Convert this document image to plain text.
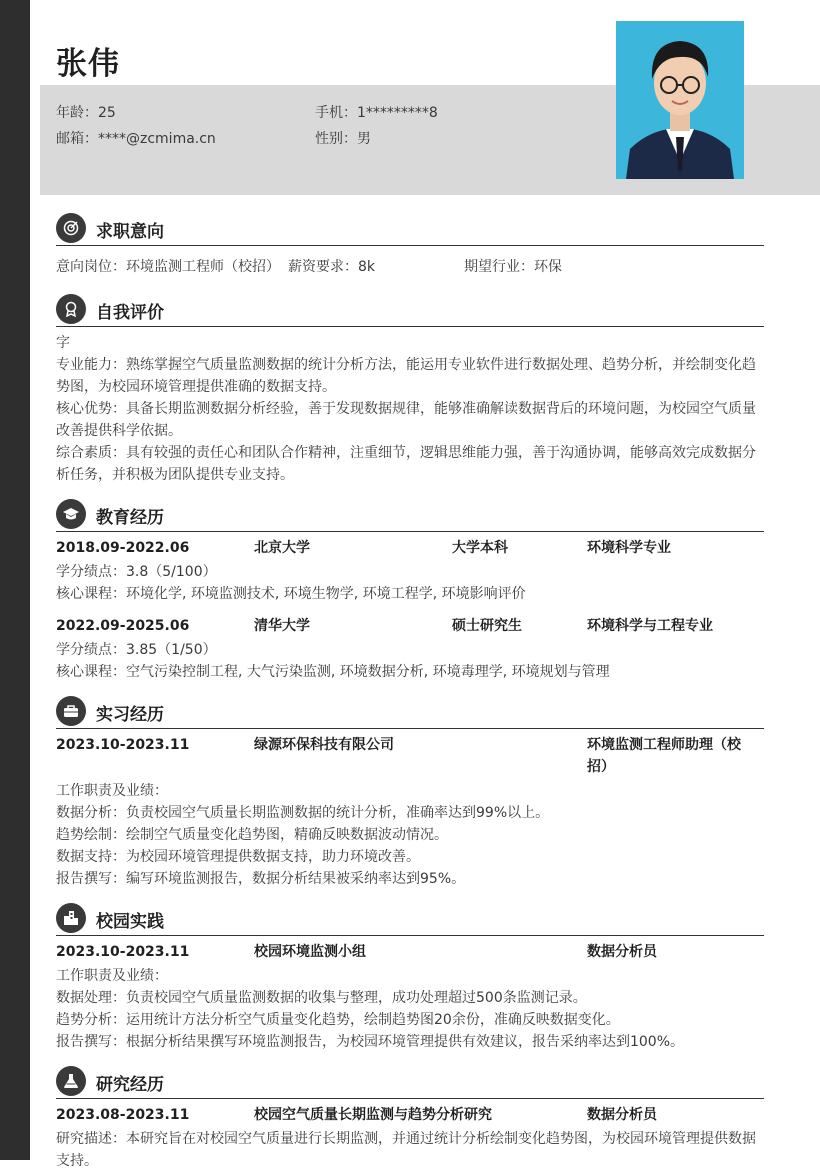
张伟
年龄：25	手机：1*********8
邮箱：****@zcmima.cn	性别：男
求职意向
意向岗位：环境监测工程师（校招） 薪资要求：8k	期望行业：环保
自我评价
字
专业能力：熟练掌握空气质量监测数据的统计分析方法，能运用专业软件进行数据处理、趋势分析，并绘制变化趋势图，为校园环境管理提供准确的数据支持。
核心优势：具备长期监测数据分析经验，善于发现数据规律，能够准确解读数据背后的环境问题，为校园空气质量改善提供科学依据。
综合素质：具有较强的责任心和团队合作精神，注重细节，逻辑思维能力强，善于沟通协调，能够高效完成数据分析任务，并积极为团队提供专业支持。
教育经历
2018.09-2022.06	北京大学	大学本科	环境科学专业
学分绩点：3.8（5/100）
核心课程：环境化学, 环境监测技术, 环境生物学, 环境工程学, 环境影响评价
2022.09-2025.06	清华大学	硕士研究生	环境科学与工程专业
学分绩点：3.85（1/50）
核心课程：空气污染控制工程, 大气污染监测, 环境数据分析, 环境毒理学, 环境规划与管理
实习经历
2023.10-2023.11	绿源环保科技有限公司	环境监测工程师助理（校招）
工作职责及业绩：
数据分析：负责校园空气质量长期监测数据的统计分析，准确率达到99%以上。
趋势绘制：绘制空气质量变化趋势图，精确反映数据波动情况。
数据支持：为校园环境管理提供数据支持，助力环境改善。
报告撰写：编写环境监测报告，数据分析结果被采纳率达到95%。
校园实践
2023.10-2023.11	校园环境监测小组	数据分析员
工作职责及业绩：
数据处理：负责校园空气质量监测数据的收集与整理，成功处理超过500条监测记录。
趋势分析：运用统计方法分析空气质量变化趋势，绘制趋势图20余份，准确反映数据变化。
报告撰写：根据分析结果撰写环境监测报告，为校园环境管理提供有效建议，报告采纳率达到100%。
研究经历
2023.08-2023.11	校园空气质量长期监测与趋势分析研究	数据分析员
研究描述：本研究旨在对校园空气质量进行长期监测，并通过统计分析绘制变化趋势图，为校园环境管理提供数据支持。
